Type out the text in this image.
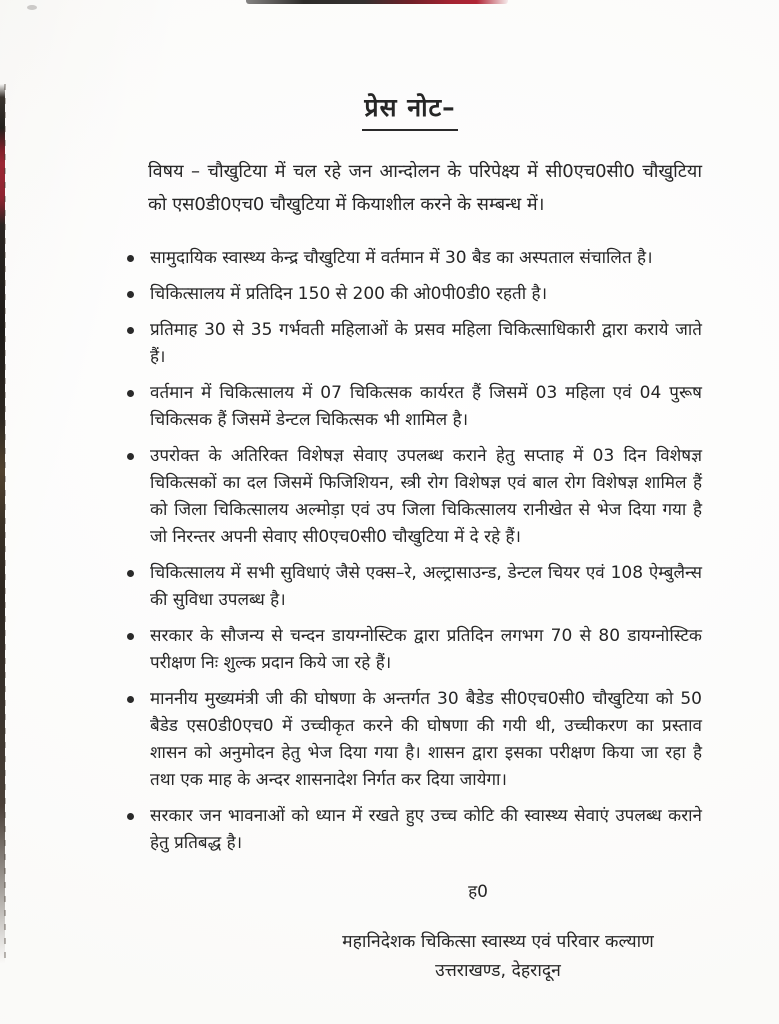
प्रेस नोट–

विषय – चौखुटिया में चल रहे जन आन्दोलन के परिपेक्ष्य में सी0एच0सी0 चौखुटिया को एस0डी0एच0 चौखुटिया में कियाशील करने के सम्बन्ध में।

सामुदायिक स्वास्थ्य केन्द्र चौखुटिया में वर्तमान में 30 बैड का अस्पताल संचालित है।
चिकित्सालय में प्रतिदिन 150 से 200 की ओ0पी0डी0 रहती है।
प्रतिमाह 30 से 35 गर्भवती महिलाओं के प्रसव महिला चिकित्साधिकारी द्वारा कराये जाते हैं।
वर्तमान में चिकित्सालय में 07 चिकित्सक कार्यरत हैं जिसमें 03 महिला एवं 04 पुरूष चिकित्सक हैं जिसमें डेन्टल चिकित्सक भी शामिल है।
उपरोक्त के अतिरिक्त विशेषज्ञ सेवाए उपलब्ध कराने हेतु सप्ताह में 03 दिन विशेषज्ञ चिकित्सकों का दल जिसमें फिजिशियन, स्त्री रोग विशेषज्ञ एवं बाल रोग विशेषज्ञ शामिल हैं को जिला चिकित्सालय अल्मोड़ा एवं उप जिला चिकित्सालय रानीखेत से भेज दिया गया है जो निरन्तर अपनी सेवाए सी0एच0सी0 चौखुटिया में दे रहे हैं।
चिकित्सालय में सभी सुविधाएं जैसे एक्स–रे, अल्ट्रासाउन्ड, डेन्टल चियर एवं 108 ऐम्बुलैन्स की सुविधा उपलब्ध है।
सरकार के सौजन्य से चन्दन डायग्नोस्टिक द्वारा प्रतिदिन लगभग 70 से 80 डायग्नोस्टिक परीक्षण निः शुल्क प्रदान किये जा रहे हैं।
माननीय मुख्यमंत्री जी की घोषणा के अन्तर्गत 30 बैडेड सी0एच0सी0 चौखुटिया को 50 बैडेड एस0डी0एच0 में उच्चीकृत करने की घोषणा की गयी थी, उच्चीकरण का प्रस्ताव शासन को अनुमोदन हेतु भेज दिया गया है। शासन द्वारा इसका परीक्षण किया जा रहा है तथा एक माह के अन्दर शासनादेश निर्गत कर दिया जायेगा।
सरकार जन भावनाओं को ध्यान में रखते हुए उच्च कोटि की स्वास्थ्य सेवाएं उपलब्ध कराने हेतु प्रतिबद्ध है।
ह0
महानिदेशक चिकित्सा स्वास्थ्य एवं परिवार कल्याण
उत्तराखण्ड, देहरादून
